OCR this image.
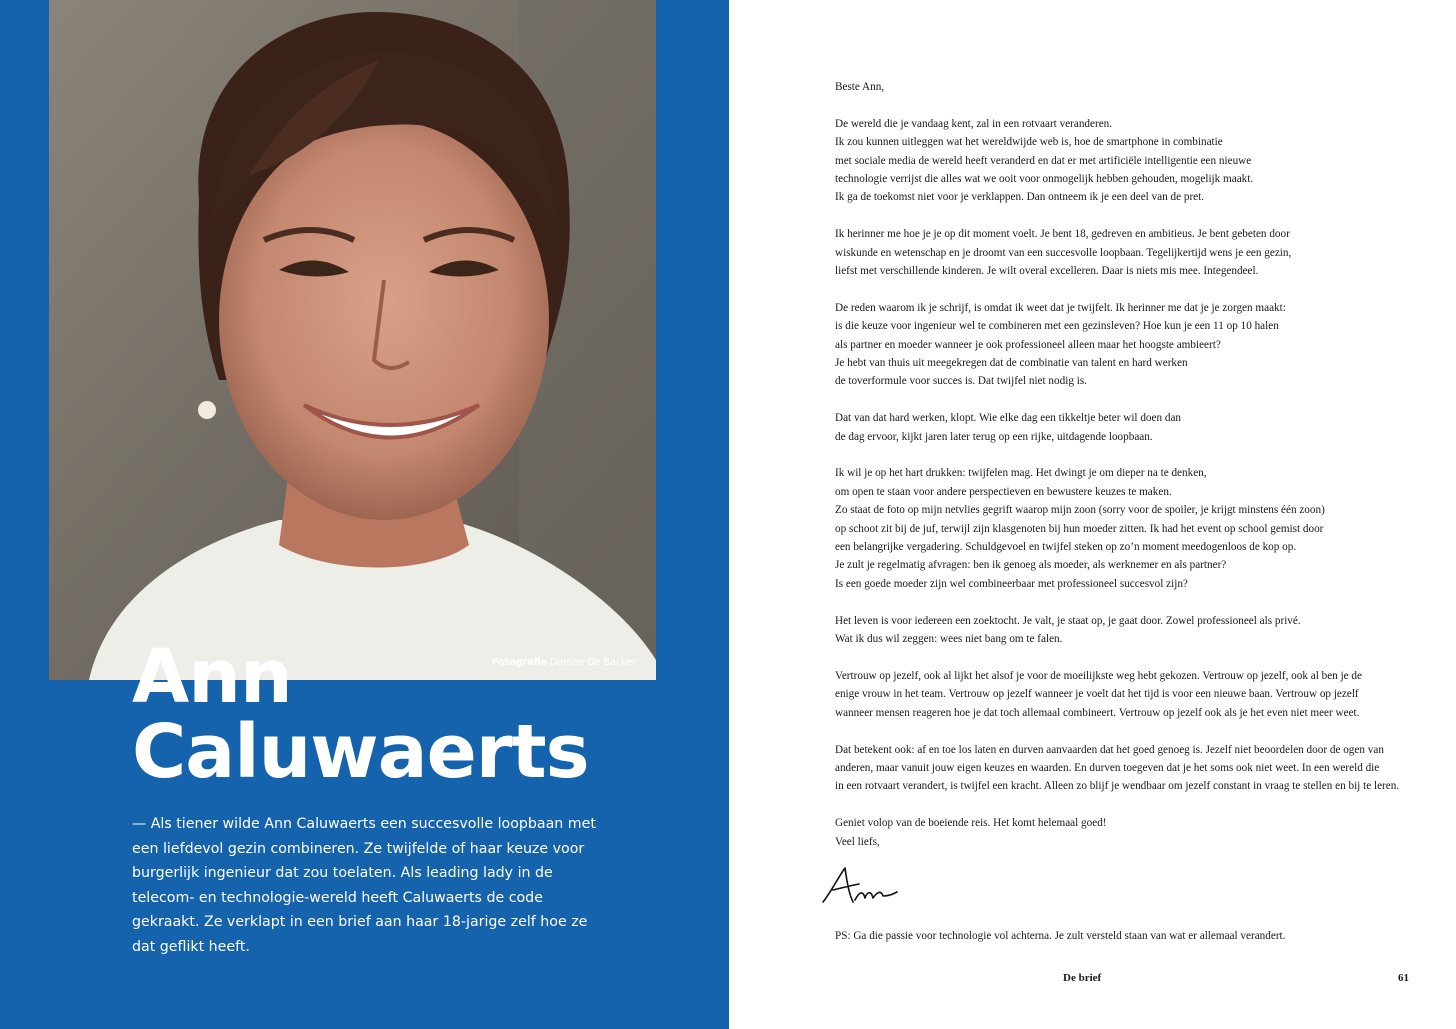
Fotografie Damon De Backer
Ann
Caluwaerts

— Als tiener wilde Ann Caluwaerts een succesvolle loopbaan met een liefdevol gezin combineren. Ze twijfelde of haar keuze voor burgerlijk ingenieur dat zou toelaten. Als leading lady in de telecom- en technologie-wereld heeft Caluwaerts de code gekraakt. Ze verklapt in een brief aan haar 18-jarige zelf hoe ze dat geflikt heeft.

Beste Ann,

De wereld die je vandaag kent, zal in een rotvaart veranderen.
Ik zou kunnen uitleggen wat het wereldwijde web is, hoe de smartphone in combinatie
met sociale media de wereld heeft veranderd en dat er met artificiële intelligentie een nieuwe
technologie verrijst die alles wat we ooit voor onmogelijk hebben gehouden, mogelijk maakt.
Ik ga de toekomst niet voor je verklappen. Dan ontneem ik je een deel van de pret.

Ik herinner me hoe je je op dit moment voelt. Je bent 18, gedreven en ambitieus. Je bent gebeten door
wiskunde en wetenschap en je droomt van een succesvolle loopbaan. Tegelijkertijd wens je een gezin,
liefst met verschillende kinderen. Je wilt overal excelleren. Daar is niets mis mee. Integendeel.

De reden waarom ik je schrijf, is omdat ik weet dat je twijfelt. Ik herinner me dat je je zorgen maakt:
is die keuze voor ingenieur wel te combineren met een gezinsleven? Hoe kun je een 11 op 10 halen
als partner en moeder wanneer je ook professioneel alleen maar het hoogste ambieert?
Je hebt van thuis uit meegekregen dat de combinatie van talent en hard werken
de toverformule voor succes is. Dat twijfel niet nodig is.

Dat van dat hard werken, klopt. Wie elke dag een tikkeltje beter wil doen dan
de dag ervoor, kijkt jaren later terug op een rijke, uitdagende loopbaan.

Ik wil je op het hart drukken: twijfelen mag. Het dwingt je om dieper na te denken,
om open te staan voor andere perspectieven en bewustere keuzes te maken.
Zo staat de foto op mijn netvlies gegrift waarop mijn zoon (sorry voor de spoiler, je krijgt minstens één zoon)
op schoot zit bij de juf, terwijl zijn klasgenoten bij hun moeder zitten. Ik had het event op school gemist door
een belangrijke vergadering. Schuldgevoel en twijfel steken op zo’n moment meedogenloos de kop op.
Je zult je regelmatig afvragen: ben ik genoeg als moeder, als werknemer en als partner?
Is een goede moeder zijn wel combineerbaar met professioneel succesvol zijn?

Het leven is voor iedereen een zoektocht. Je valt, je staat op, je gaat door. Zowel professioneel als privé.
Wat ik dus wil zeggen: wees niet bang om te falen.

Vertrouw op jezelf, ook al lijkt het alsof je voor de moeilijkste weg hebt gekozen. Vertrouw op jezelf, ook al ben je de
enige vrouw in het team. Vertrouw op jezelf wanneer je voelt dat het tijd is voor een nieuwe baan. Vertrouw op jezelf
wanneer mensen reageren hoe je dat toch allemaal combineert. Vertrouw op jezelf ook als je het even niet meer weet.

Dat betekent ook: af en toe los laten en durven aanvaarden dat het goed genoeg is. Jezelf niet beoordelen door de ogen van
anderen, maar vanuit jouw eigen keuzes en waarden. En durven toegeven dat je het soms ook niet weet. In een wereld die
in een rotvaart verandert, is twijfel een kracht. Alleen zo blijf je wendbaar om jezelf constant in vraag te stellen en bij te leren.

Geniet volop van de boeiende reis. Het komt helemaal goed!
Veel liefs,

PS: Ga die passie voor technologie vol achterna. Je zult versteld staan van wat er allemaal verandert.

De brief	61
